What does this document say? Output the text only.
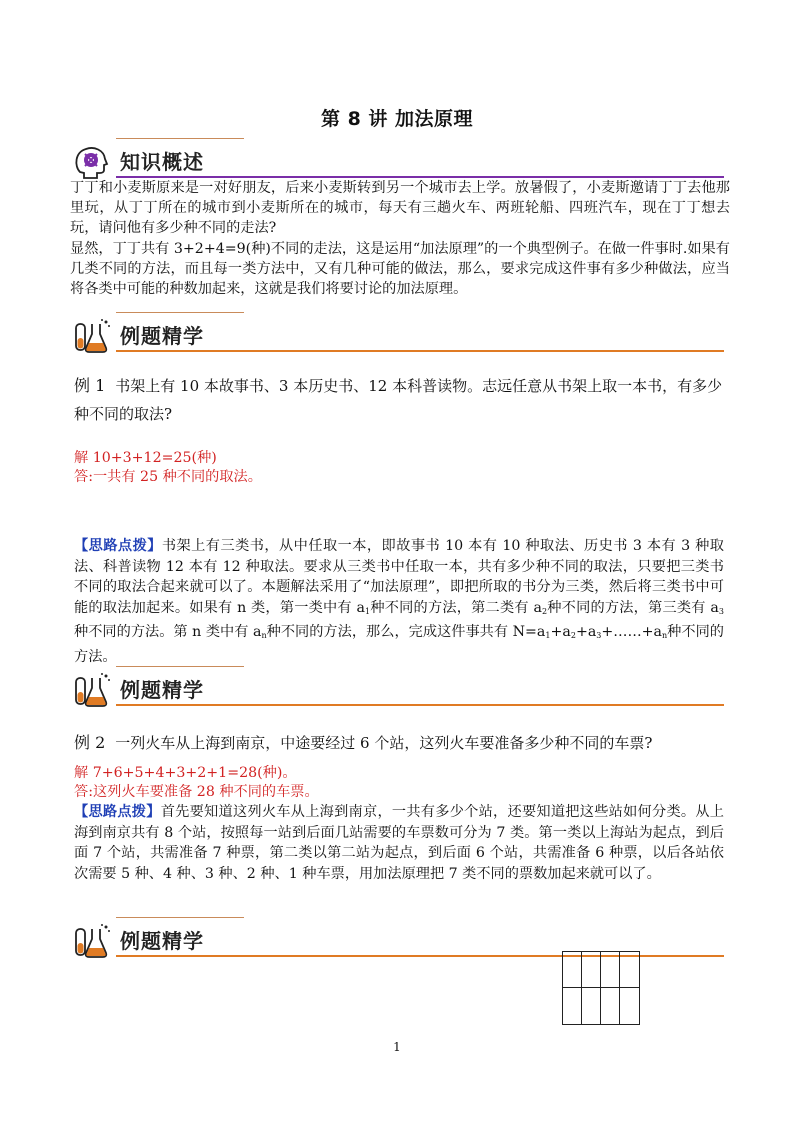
第 8 讲 加法原理
知识概述

丁丁和小麦斯原来是一对好朋友，后来小麦斯转到另一个城市去上学。放暑假了，小麦斯邀请丁丁去他那里玩，从丁丁所在的城市到小麦斯所在的城市，每天有三趟火车、两班轮船、四班汽车，现在丁丁想去玩，请问他有多少种不同的走法?

显然，丁丁共有 3+2+4=9(种)不同的走法，这是运用“加法原理”的一个典型例子。在做一件事时.如果有几类不同的方法，而且每一类方法中，又有几种可能的做法，那么，要求完成这件事有多少种做法，应当将各类中可能的种数加起来，这就是我们将要讨论的加法原理。

例题精学

例 1 书架上有 10 本故事书、3 本历史书、12 本科普读物。志远任意从书架上取一本书，有多少种不同的取法?

解 10+3+12=25(种)

答:一共有 25 种不同的取法。

【思路点拨】书架上有三类书，从中任取一本，即故事书 10 本有 10 种取法、历史书 3 本有 3 种取法、科普读物 12 本有 12 种取法。要求从三类书中任取一本，共有多少种不同的取法，只要把三类书不同的取法合起来就可以了。本题解法采用了“加法原理”，即把所取的书分为三类，然后将三类书中可能的取法加起来。如果有 n 类，第一类中有 $a_1$种不同的方法，第二类有 $a_2$种不同的方法，第三类有 $a_3$种不同的方法。第 n 类中有 $a_n$种不同的方法，那么，完成这件事共有 $N=a_1+a_2+a_3+\dots\dots+a_n$种不同的方法。

例题精学

例 2 一列火车从上海到南京，中途要经过 6 个站，这列火车要准备多少种不同的车票?

解 7+6+5+4+3+2+1=28(种)。

答:这列火车要准备 28 种不同的车票。

【思路点拨】首先要知道这列火车从上海到南京，一共有多少个站，还要知道把这些站如何分类。从上海到南京共有 8 个站，按照每一站到后面几站需要的车票数可分为 7 类。第一类以上海站为起点，到后面 7 个站，共需准备 7 种票，第二类以第二站为起点，到后面 6 个站，共需准备 6 种票，以后各站依次需要 5 种、4 种、3 种、2 种、1 种车票，用加法原理把 7 类不同的票数加起来就可以了。

例题精学
1
